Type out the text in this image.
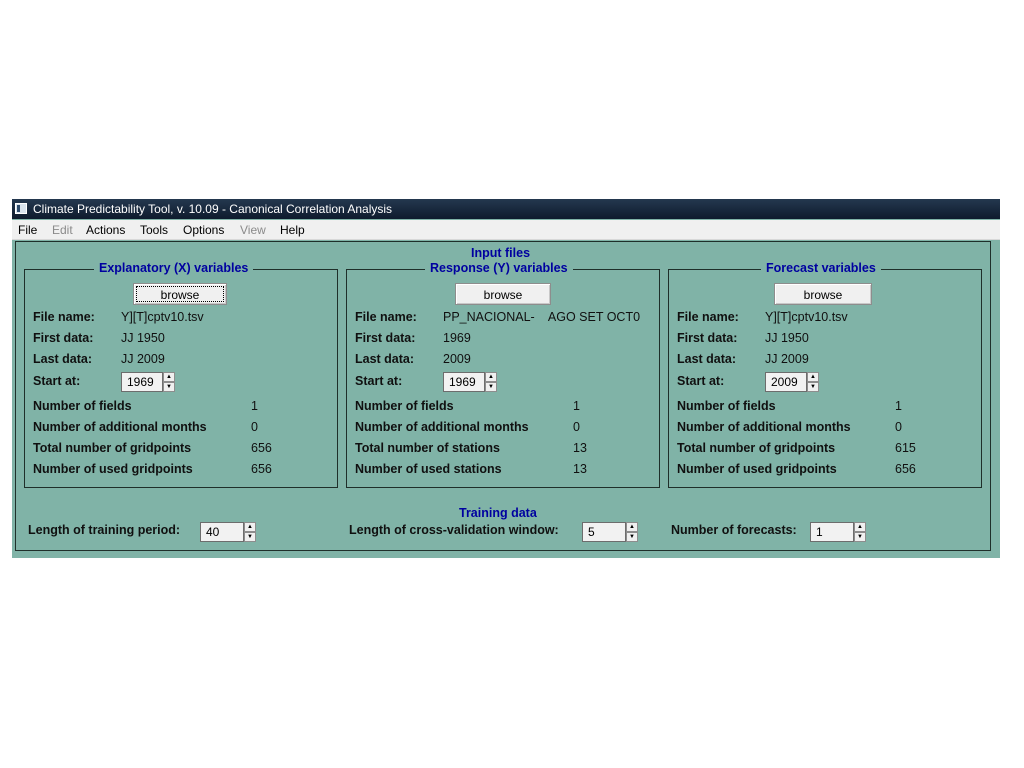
Climate Predictability Tool, v. 10.09 - Canonical Correlation Analysis
File Edit Actions Tools Options View Help
Input files
Explanatory (X) variables
browse
File name: Y][T]cptv10.tsv
First data: JJ 1950
Last data: JJ 2009
Start at:	1969	▲
▼
Number of fields	1
Number of additional months	0
Total number of gridpoints	656
Number of used gridpoints	656
Response (Y) variables
browse
File name: PP_NACIONAL-    AGO SET OCT0
First data: 1969
Last data: 2009
Start at:	1969	▲
▼
Number of fields	1
Number of additional months	0
Total number of stations	13
Number of used stations	13
Forecast variables
browse
File name: Y][T]cptv10.tsv
First data: JJ 1950
Last data: JJ 2009
Start at:	2009	▲
▼
Number of fields	1
Number of additional months	0
Total number of gridpoints	615
Number of used gridpoints	656
Training data
Length of training period:	40	▲
▼	Length of cross-validation window:	5	▲
▼	Number of forecasts:	1	▲
▼
